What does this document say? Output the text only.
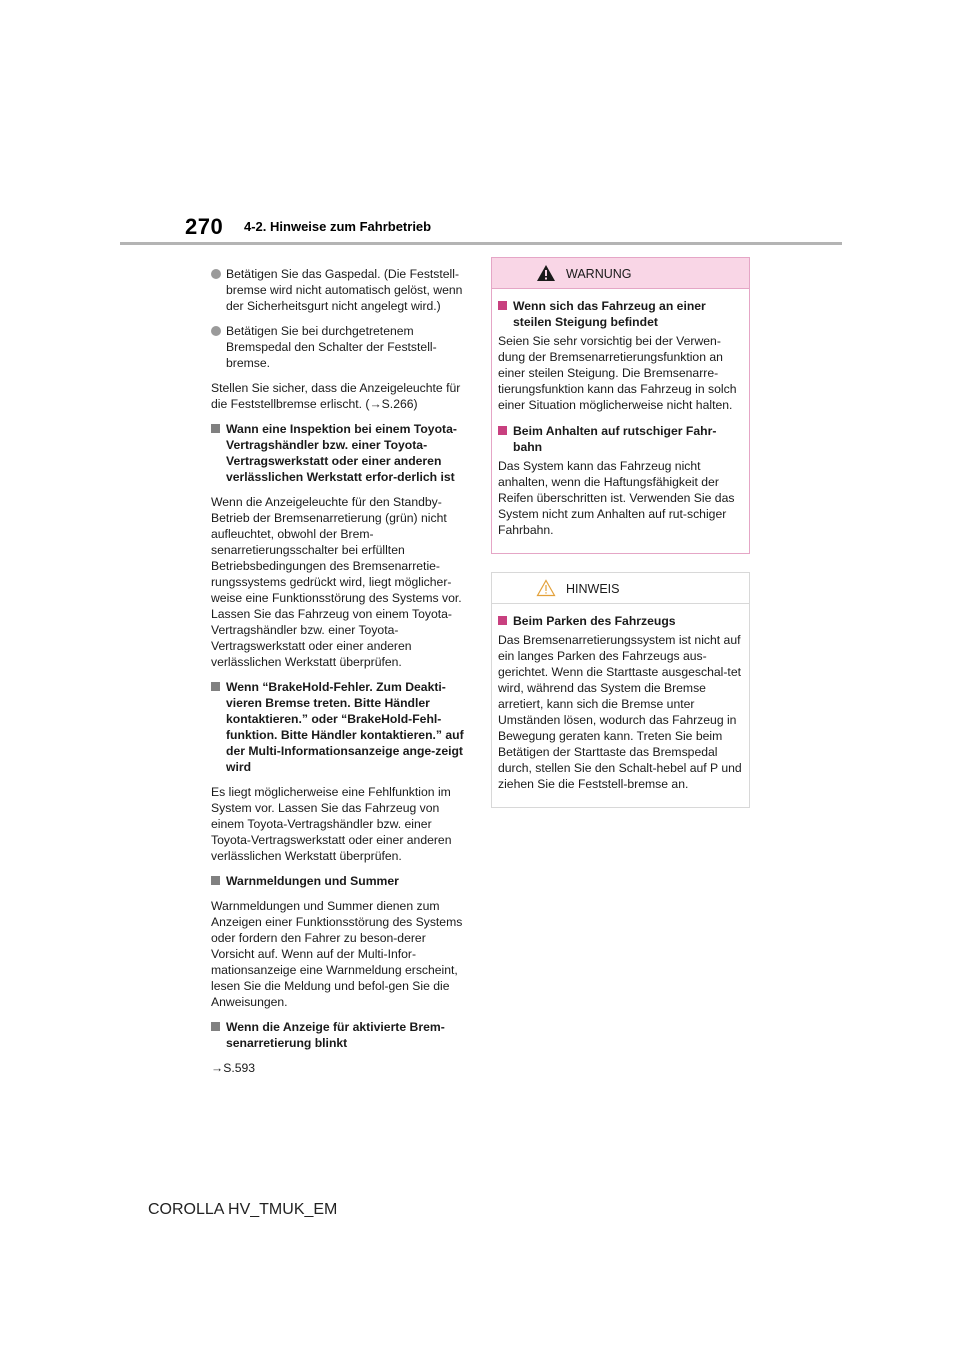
270 4-2. Hinweise zum Fahrbetrieb

Betätigen Sie das Gaspedal. (Die Feststell-bremse wird nicht automatisch gelöst, wenn der Sicherheitsgurt nicht angelegt wird.)

Betätigen Sie bei durchgetretenem Bremspedal den Schalter der Feststell-bremse.

Stellen Sie sicher, dass die Anzeigeleuchte für die Feststellbremse erlischt. (→S.266)

Wann eine Inspektion bei einem Toyota-Vertragshändler bzw. einer Toyota-Vertragswerkstatt oder einer anderen verlässlichen Werkstatt erfor-derlich ist

Wenn die Anzeigeleuchte für den Standby-Betrieb der Bremsenarretierung (grün) nicht aufleuchtet, obwohl der Brem-senarretierungsschalter bei erfüllten Betriebsbedingungen des Bremsenarretie-rungssystems gedrückt wird, liegt möglicher-weise eine Funktionsstörung des Systems vor. Lassen Sie das Fahrzeug von einem Toyota-Vertragshändler bzw. einer Toyota-Vertragswerkstatt oder einer anderen verlässlichen Werkstatt überprüfen.

Wenn “BrakeHold-Fehler. Zum Deakti-vieren Bremse treten. Bitte Händler kontaktieren.” oder “BrakeHold-Fehl-funktion. Bitte Händler kontaktieren.” auf der Multi-Informationsanzeige ange-zeigt wird

Es liegt möglicherweise eine Fehlfunktion im System vor. Lassen Sie das Fahrzeug von einem Toyota-Vertragshändler bzw. einer Toyota-Vertragswerkstatt oder einer anderen verlässlichen Werkstatt überprüfen.

Warnmeldungen und Summer

Warnmeldungen und Summer dienen zum Anzeigen einer Funktionsstörung des Systems oder fordern den Fahrer zu beson-derer Vorsicht auf. Wenn auf der Multi-Infor-mationsanzeige eine Warnmeldung erscheint, lesen Sie die Meldung und befol-gen Sie die Anweisungen.

Wenn die Anzeige für aktivierte Brem-senarretierung blinkt

→S.593

WARNUNG

Wenn sich das Fahrzeug an einer steilen Steigung befindet

Seien Sie sehr vorsichtig bei der Verwen-dung der Bremsenarretierungsfunktion an einer steilen Steigung. Die Bremsenarre-tierungsfunktion kann das Fahrzeug in solch einer Situation möglicherweise nicht halten.

Beim Anhalten auf rutschiger Fahr-bahn

Das System kann das Fahrzeug nicht anhalten, wenn die Haftungsfähigkeit der Reifen überschritten ist. Verwenden Sie das System nicht zum Anhalten auf rut-schiger Fahrbahn.

HINWEIS

Beim Parken des Fahrzeugs

Das Bremsenarretierungssystem ist nicht auf ein langes Parken des Fahrzeugs aus-gerichtet. Wenn die Starttaste ausgeschal-tet wird, während das System die Bremse arretiert, kann sich die Bremse unter Umständen lösen, wodurch das Fahrzeug in Bewegung geraten kann. Treten Sie beim Betätigen der Starttaste das Bremspedal durch, stellen Sie den Schalt-hebel auf P und ziehen Sie die Feststell-bremse an.

COROLLA HV_TMUK_EM
